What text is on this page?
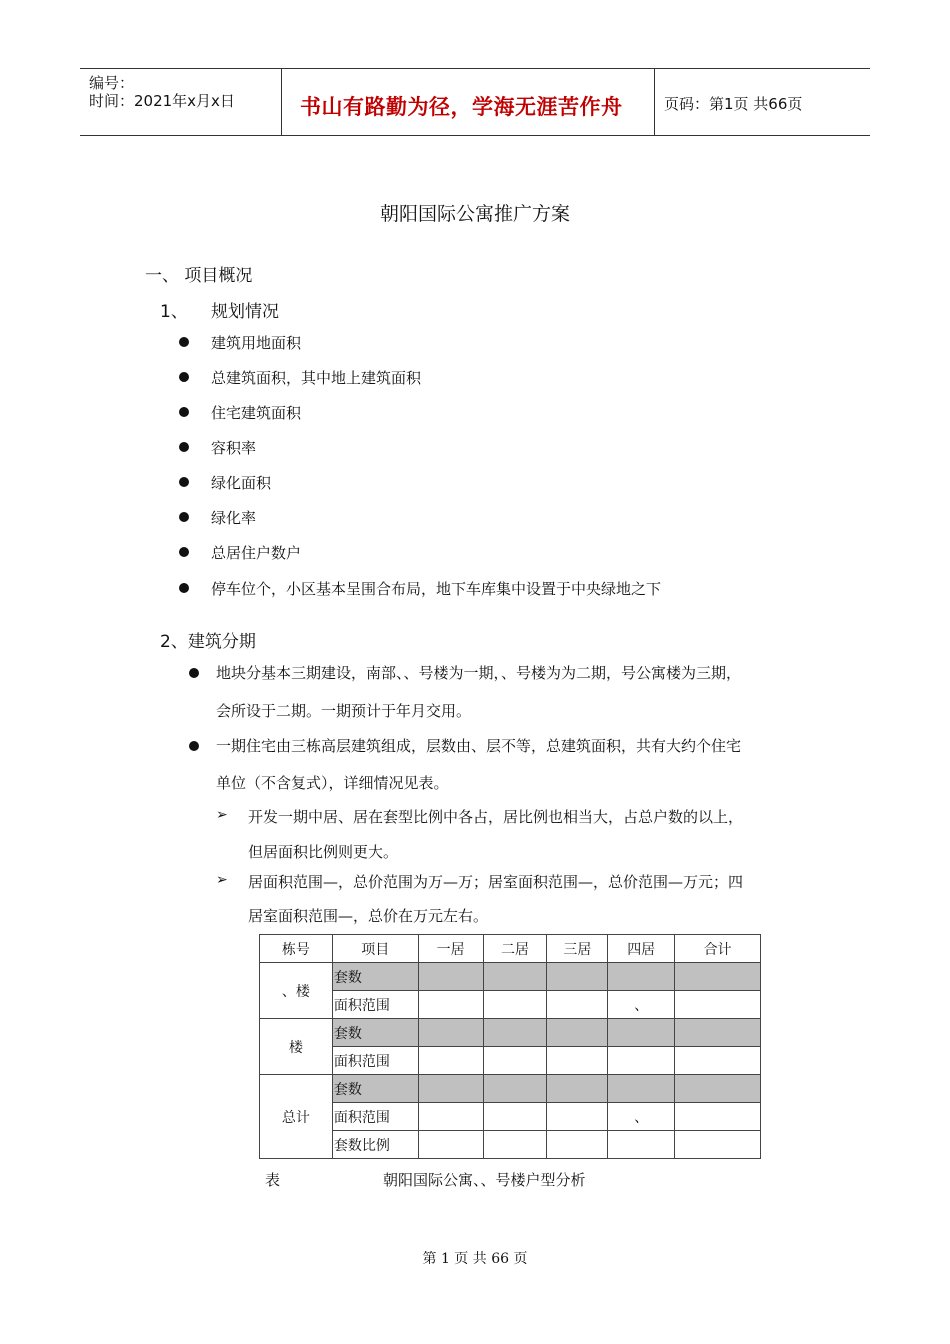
编号：
时间：2021年x月x日	书山有路勤为径，学海无涯苦作舟	页码：第1页 共66页
朝阳国际公寓推广方案
一、 项目概况
1、 规划情况
建筑用地面积
总建筑面积，其中地上建筑面积
住宅建筑面积
容积率
绿化面积
绿化率
总居住户数户
停车位个，小区基本呈围合布局，地下车库集中设置于中央绿地之下
2、建筑分期
地块分基本三期建设，南部、、号楼为一期，、号楼为为二期，号公寓楼为三期，
会所设于二期。一期预计于年月交用。
一期住宅由三栋高层建筑组成，层数由、层不等，总建筑面积，共有大约个住宅
单位（不含复式），详细情况见表。
➢ 开发一期中居、居在套型比例中各占，居比例也相当大，占总户数的以上，
但居面积比例则更大。
➢ 居面积范围—，总价范围为万—万；居室面积范围—，总价范围—万元；四
居室面积范围—，总价在万元左右。
栋号	项目	一居	二居	三居	四居	合计
、楼	套数					
	面积范围				、	
楼	套数					
	面积范围					
总计	套数					
	面积范围				、	
	套数比例					
表	朝阳国际公寓、、号楼户型分析
第 1 页 共 66 页
